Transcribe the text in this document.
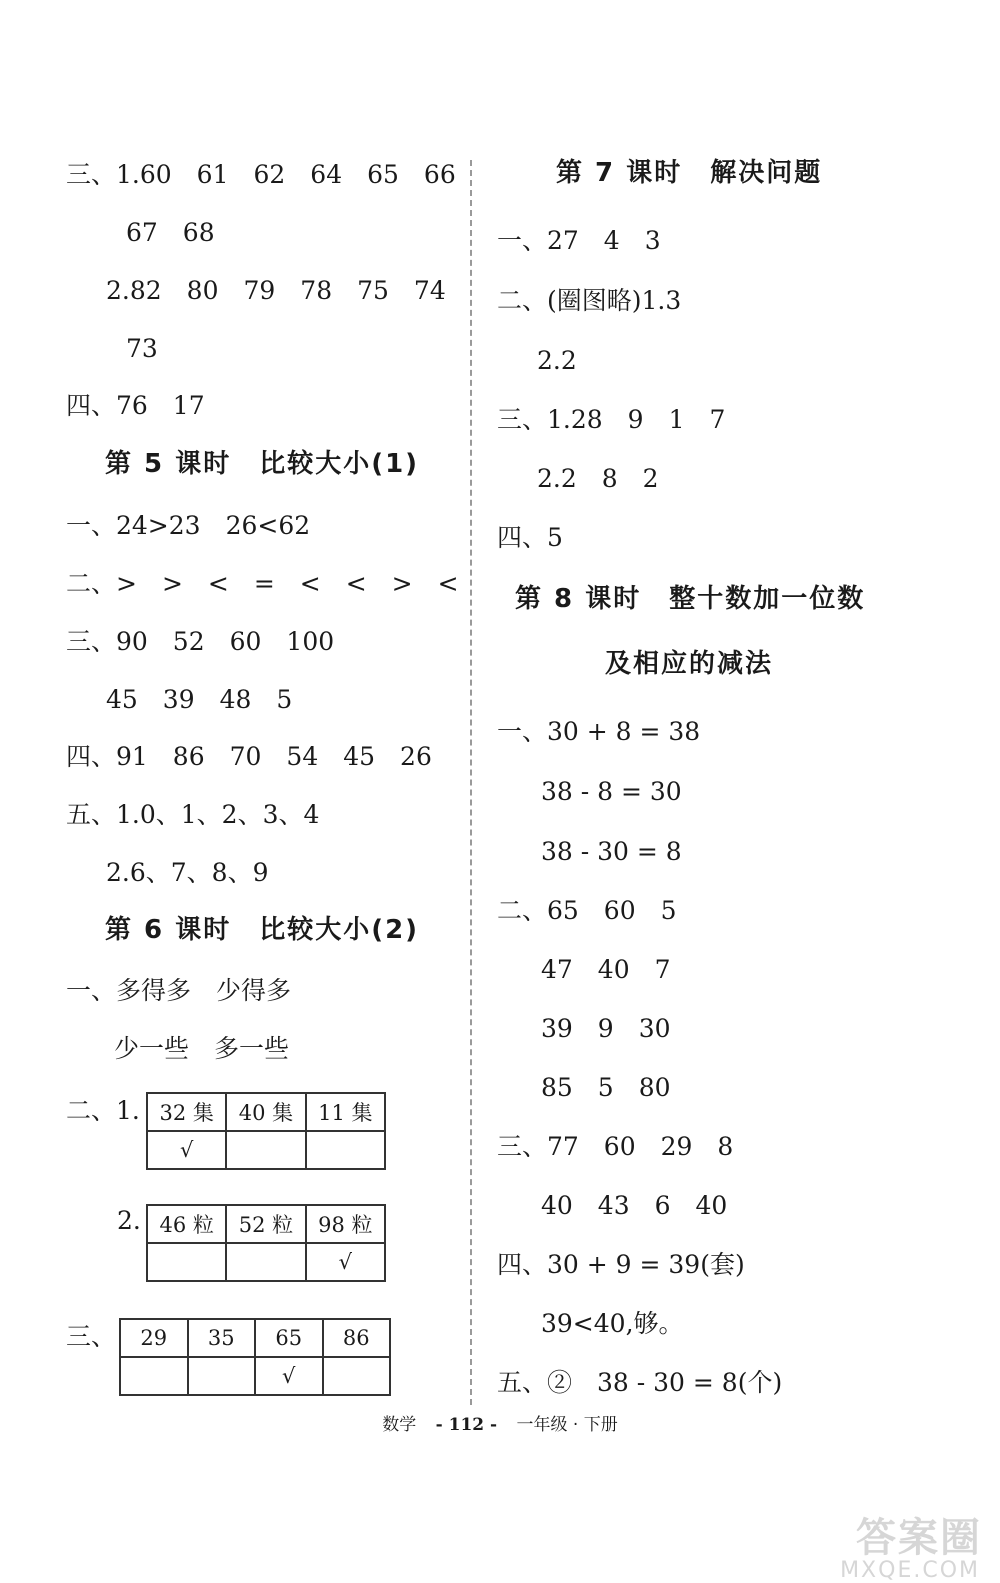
三、1.60　61　62　64　65　66
67　68
2.82　80　79　78　75　74
73
四、76　17
第 5 课时　比较大小(1)
一、24>23　26<62
二、>　>　<　=　<　<　>　<
三、90　52　60　100
45　39　48　5
四、91　86　70　54　45　26
五、1.0、1、2、3、4
2.6、7、8、9
第 6 课时　比较大小(2)
一、多得多　少得多
少一些　多一些
二、1. 32 集	40 集	11 集
√		
2. 46 粒	52 粒	98 粒
		√
三、 29	35	65	86
		√	
第 7 课时　解决问题
一、27　4　3
二、(圈图略)1.3
2.2
三、1.28　9　1　7
2.2　8　2
四、5
第 8 课时　整十数加一位数
及相应的减法
一、30 + 8 = 38
38 - 8 = 30
38 - 30 = 8
二、65　60　5
47　40　7
39　9　30
85　5　80
三、77　60　29　8
40　43　6　40
四、30 + 9 = 39(套)
39<40,够。
五、②　38 - 30 = 8(个)
数学 - 112 - 一年级 · 下册
答案圈
MXQE.COM
